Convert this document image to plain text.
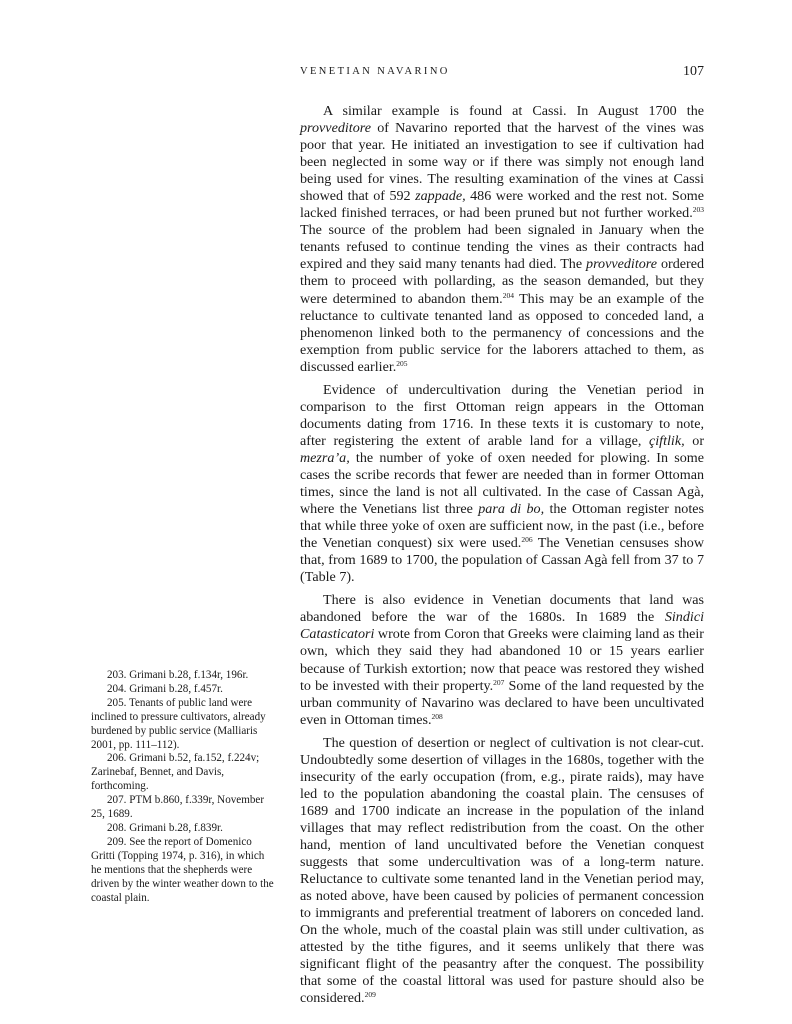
VENETIAN NAVARINO	107

A similar example is found at Cassi. In August 1700 the provveditore of Navarino reported that the harvest of the vines was poor that year. He initiated an investigation to see if cultivation had been neglected in some way or if there was simply not enough land being used for vines. The resulting examination of the vines at Cassi showed that of 592 zappade, 486 were worked and the rest not. Some lacked finished terraces, or had been pruned but not further worked.$^{203}$ The source of the problem had been signaled in January when the tenants refused to continue tending the vines as their contracts had expired and they said many tenants had died. The provveditore ordered them to proceed with pollarding, as the season demanded, but they were determined to abandon them.$^{204}$ This may be an example of the reluctance to cultivate tenanted land as opposed to conceded land, a phenomenon linked both to the permanency of concessions and the exemption from public service for the laborers attached to them, as discussed earlier.$^{205}$

Evidence of undercultivation during the Venetian period in comparison to the first Ottoman reign appears in the Ottoman documents dating from 1716. In these texts it is customary to note, after registering the extent of arable land for a village, çiftlik, or mezra’a, the number of yoke of oxen needed for plowing. In some cases the scribe records that fewer are needed than in former Ottoman times, since the land is not all cultivated. In the case of Cassan Agà, where the Venetians list three para di bo, the Ottoman register notes that while three yoke of oxen are sufficient now, in the past (i.e., before the Venetian conquest) six were used.$^{206}$ The Venetian censuses show that, from 1689 to 1700, the population of Cassan Agà fell from 37 to 7 (Table 7).

There is also evidence in Venetian documents that land was abandoned before the war of the 1680s. In 1689 the Sindici Catasticatori wrote from Coron that Greeks were claiming land as their own, which they said they had abandoned 10 or 15 years earlier because of Turkish extortion; now that peace was restored they wished to be invested with their property.$^{207}$ Some of the land requested by the urban community of Navarino was declared to have been uncultivated even in Ottoman times.$^{208}$

The question of desertion or neglect of cultivation is not clear-cut. Undoubtedly some desertion of villages in the 1680s, together with the insecurity of the early occupation (from, e.g., pirate raids), may have led to the population abandoning the coastal plain. The censuses of 1689 and 1700 indicate an increase in the population of the inland villages that may reflect redistribution from the coast. On the other hand, mention of land uncultivated before the Venetian conquest suggests that some undercultivation was of a long-term nature. Reluctance to cultivate some tenanted land in the Venetian period may, as noted above, have been caused by policies of permanent concession to immigrants and preferential treatment of laborers on conceded land. On the whole, much of the coastal plain was still under cultivation, as attested by the tithe figures, and it seems unlikely that there was significant flight of the peasantry after the conquest. The possibility that some of the coastal littoral was used for pasture should also be considered.$^{209}$

203. Grimani b.28, f.134r, 196r.
204. Grimani b.28, f.457r.
205. Tenants of public land were inclined to pressure cultivators, already burdened by public service (Malliaris 2001, pp. 111–112).
206. Grimani b.52, fa.152, f.224v; Zarinebaf, Bennet, and Davis, forthcoming.
207. PTM b.860, f.339r, November 25, 1689.
208. Grimani b.28, f.839r.
209. See the report of Domenico Gritti (Topping 1974, p. 316), in which he mentions that the shepherds were driven by the winter weather down to the coastal plain.
